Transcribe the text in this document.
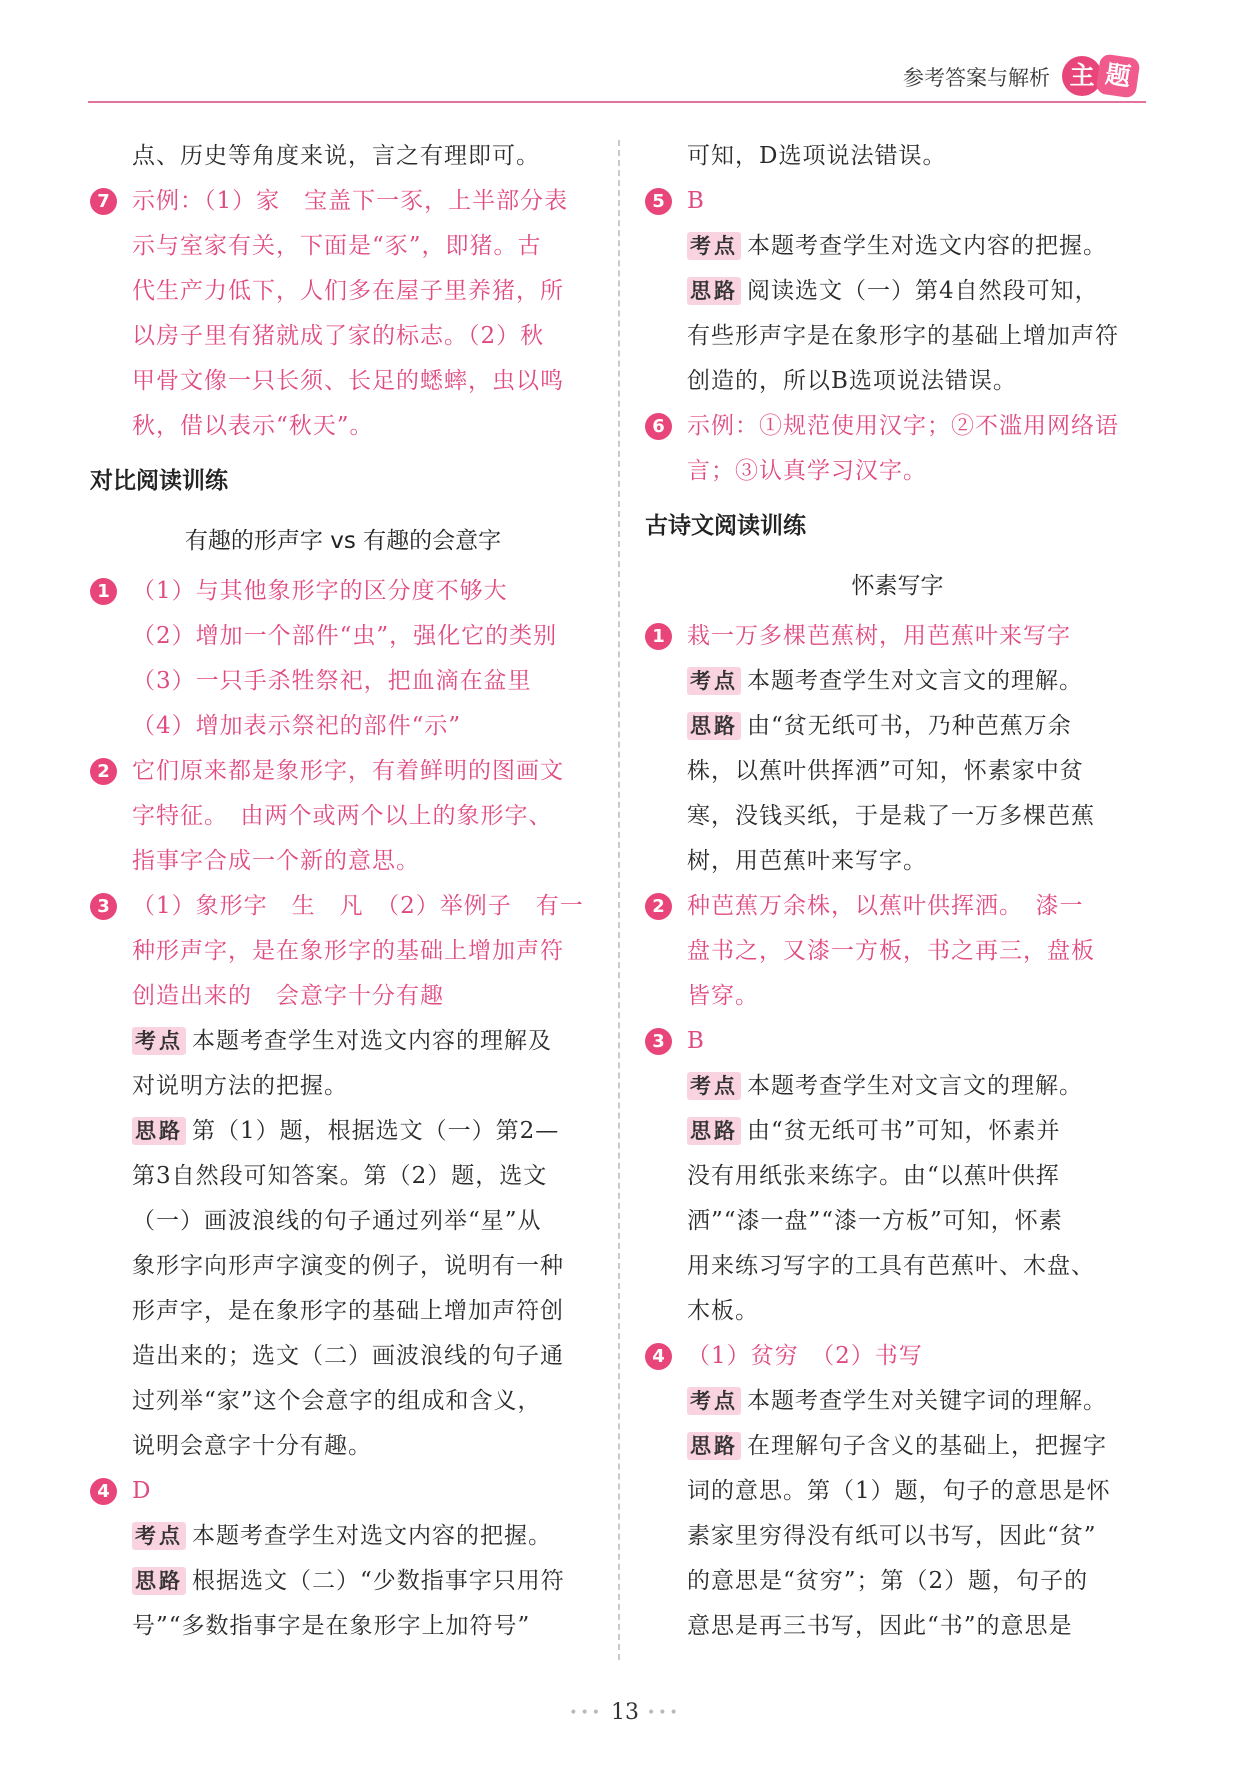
参考答案与解析 主 题
点、历史等角度来说，言之有理即可。
7 示例：（1）家　宝盖下一豕，上半部分表
示与室家有关，下面是“豕”，即猪。古
代生产力低下，人们多在屋子里养猪，所
以房子里有猪就成了家的标志。（2）秋
甲骨文像一只长须、长足的蟋蟀，虫以鸣
秋，借以表示“秋天”。
对比阅读训练
有趣的形声字 vs 有趣的会意字
1 （1）与其他象形字的区分度不够大
（2）增加一个部件“虫”，强化它的类别
（3）一只手杀牲祭祀，把血滴在盆里
（4）增加表示祭祀的部件“示”
2 它们原来都是象形字，有着鲜明的图画文
字特征。　由两个或两个以上的象形字、
指事字合成一个新的意思。
3 （1）象形字　生　凡　（2）举例子　有一
种形声字，是在象形字的基础上增加声符
创造出来的　会意字十分有趣
考点 本题考查学生对选文内容的理解及
对说明方法的把握。
思路 第（1）题，根据选文（一）第2—
第3自然段可知答案。第（2）题，选文
（一）画波浪线的句子通过列举“星”从
象形字向形声字演变的例子，说明有一种
形声字，是在象形字的基础上增加声符创
造出来的；选文（二）画波浪线的句子通
过列举“家”这个会意字的组成和含义，
说明会意字十分有趣。
4 D
考点 本题考查学生对选文内容的把握。
思路 根据选文（二）“少数指事字只用符
号”“多数指事字是在象形字上加符号”
可知，D选项说法错误。
5 B
考点 本题考查学生对选文内容的把握。
思路 阅读选文（一）第4自然段可知，
有些形声字是在象形字的基础上增加声符
创造的，所以B选项说法错误。
6 示例：①规范使用汉字；②不滥用网络语
言；③认真学习汉字。
古诗文阅读训练
怀素写字
1 栽一万多棵芭蕉树，用芭蕉叶来写字
考点 本题考查学生对文言文的理解。
思路 由“贫无纸可书，乃种芭蕉万余
株，以蕉叶供挥洒”可知，怀素家中贫
寒，没钱买纸，于是栽了一万多棵芭蕉
树，用芭蕉叶来写字。
2 种芭蕉万余株，以蕉叶供挥洒。　漆一
盘书之，又漆一方板，书之再三，盘板
皆穿。
3 B
考点 本题考查学生对文言文的理解。
思路 由“贫无纸可书”可知，怀素并
没有用纸张来练字。由“以蕉叶供挥
洒”“漆一盘”“漆一方板”可知，怀素
用来练习写字的工具有芭蕉叶、木盘、
木板。
4 （1）贫穷　（2）书写
考点 本题考查学生对关键字词的理解。
思路 在理解句子含义的基础上，把握字
词的意思。第（1）题，句子的意思是怀
素家里穷得没有纸可以书写，因此“贫”
的意思是“贫穷”；第（2）题，句子的
意思是再三书写，因此“书”的意思是
••• 13 •••
